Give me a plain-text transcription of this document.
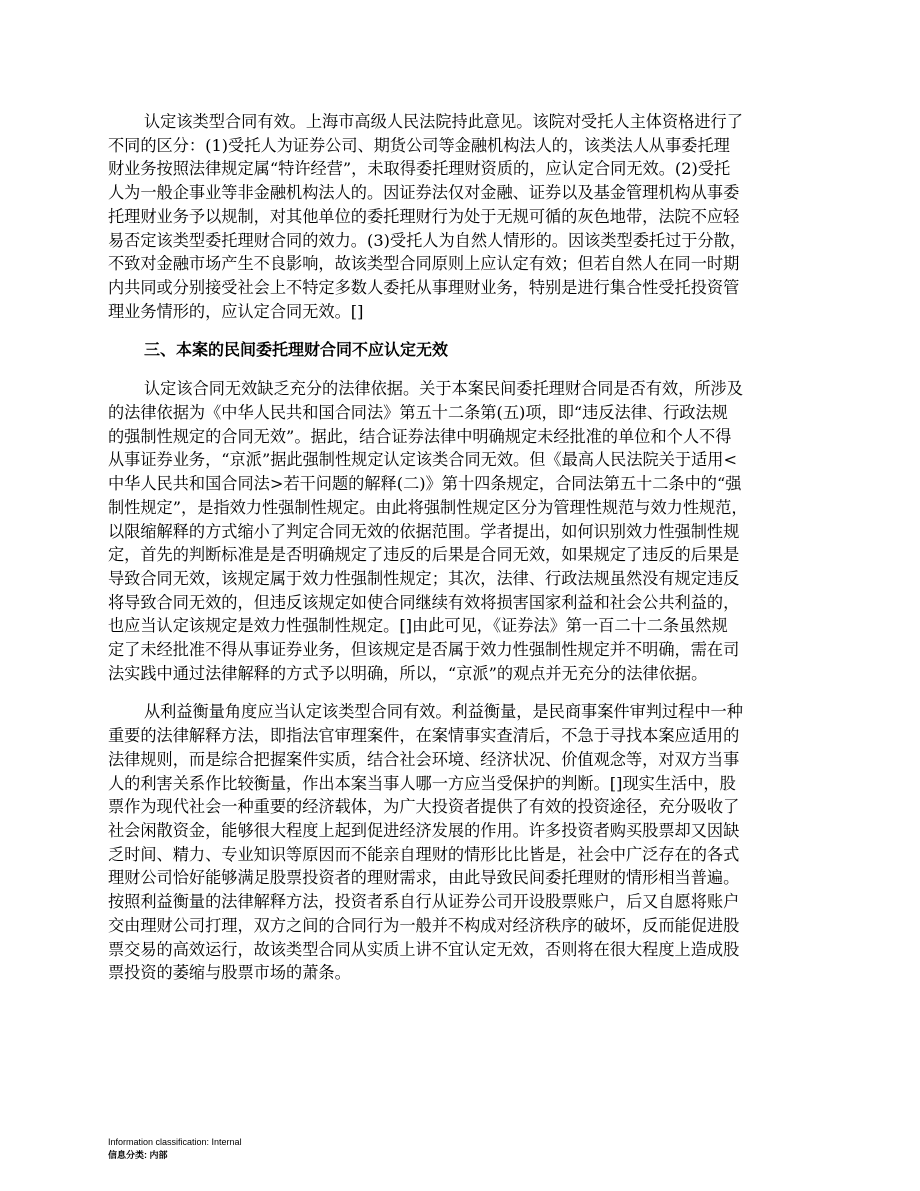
认定该类型合同有效。上海市高级人民法院持此意见。该院对受托人主体资格进行了
不同的区分：(1)受托人为证券公司、期货公司等金融机构法人的，该类法人从事委托理
财业务按照法律规定属“特许经营”，未取得委托理财资质的，应认定合同无效。(2)受托
人为一般企事业等非金融机构法人的。因证券法仅对金融、证券以及基金管理机构从事委
托理财业务予以规制，对其他单位的委托理财行为处于无规可循的灰色地带，法院不应轻
易否定该类型委托理财合同的效力。(3)受托人为自然人情形的。因该类型委托过于分散，
不致对金融市场产生不良影响，故该类型合同原则上应认定有效；但若自然人在同一时期
内共同或分别接受社会上不特定多数人委托从事理财业务，特别是进行集合性受托投资管
理业务情形的，应认定合同无效。[]
三、本案的民间委托理财合同不应认定无效
认定该合同无效缺乏充分的法律依据。关于本案民间委托理财合同是否有效，所涉及
的法律依据为《中华人民共和国合同法》第五十二条第(五)项，即“违反法律、行政法规
的强制性规定的合同无效”。据此，结合证券法律中明确规定未经批准的单位和个人不得
从事证券业务，“京派”据此强制性规定认定该类合同无效。但《最高人民法院关于适用<
中华人民共和国合同法>若干问题的解释(二)》第十四条规定，合同法第五十二条中的“强
制性规定”，是指效力性强制性规定。由此将强制性规定区分为管理性规范与效力性规范，
以限缩解释的方式缩小了判定合同无效的依据范围。学者提出，如何识别效力性强制性规
定，首先的判断标准是是否明确规定了违反的后果是合同无效，如果规定了违反的后果是
导致合同无效，该规定属于效力性强制性规定；其次，法律、行政法规虽然没有规定违反
将导致合同无效的，但违反该规定如使合同继续有效将损害国家利益和社会公共利益的，
也应当认定该规定是效力性强制性规定。[]由此可见，《证券法》第一百二十二条虽然规
定了未经批准不得从事证券业务，但该规定是否属于效力性强制性规定并不明确，需在司
法实践中通过法律解释的方式予以明确，所以，“京派”的观点并无充分的法律依据。
从利益衡量角度应当认定该类型合同有效。利益衡量，是民商事案件审判过程中一种
重要的法律解释方法，即指法官审理案件，在案情事实查清后，不急于寻找本案应适用的
法律规则，而是综合把握案件实质，结合社会环境、经济状况、价值观念等，对双方当事
人的利害关系作比较衡量，作出本案当事人哪一方应当受保护的判断。[]现实生活中，股
票作为现代社会一种重要的经济载体，为广大投资者提供了有效的投资途径，充分吸收了
社会闲散资金，能够很大程度上起到促进经济发展的作用。许多投资者购买股票却又因缺
乏时间、精力、专业知识等原因而不能亲自理财的情形比比皆是，社会中广泛存在的各式
理财公司恰好能够满足股票投资者的理财需求，由此导致民间委托理财的情形相当普遍。
按照利益衡量的法律解释方法，投资者系自行从证券公司开设股票账户，后又自愿将账户
交由理财公司打理，双方之间的合同行为一般并不构成对经济秩序的破坏，反而能促进股
票交易的高效运行，故该类型合同从实质上讲不宜认定无效，否则将在很大程度上造成股
票投资的萎缩与股票市场的萧条。
Information classification: Internal
信息分类: 内部
